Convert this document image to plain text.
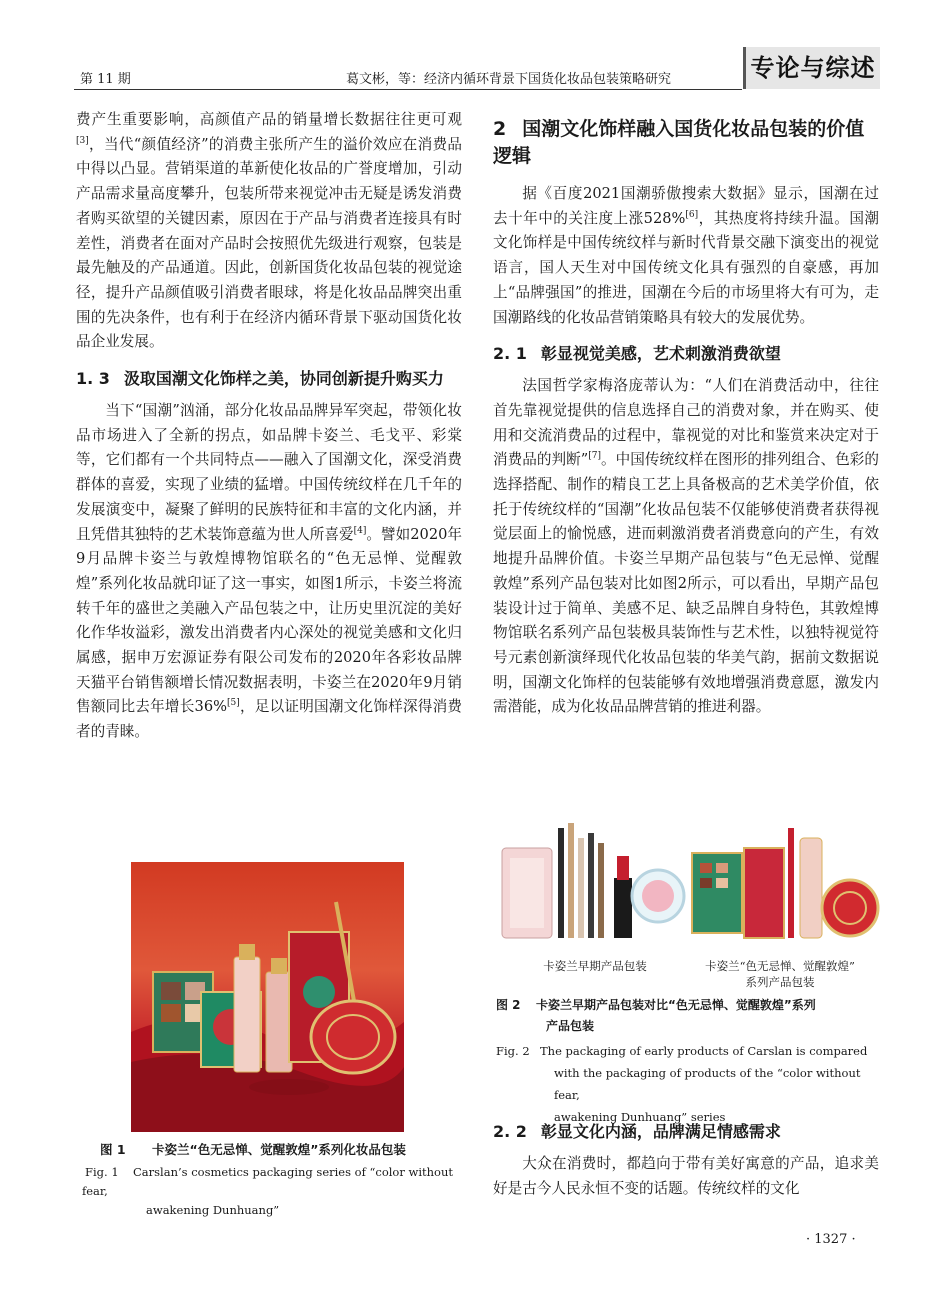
第 11 期	葛文彬，等：经济内循环背景下国货化妆品包装策略研究	专论与综述

费产生重要影响，高颜值产品的销量增长数据往往更可观[3]，当代“颜值经济”的消费主张所产生的溢价效应在消费品中得以凸显。营销渠道的革新使化妆品的广誉度增加，引动产品需求量高度攀升，包装所带来视觉冲击无疑是诱发消费者购买欲望的关键因素，原因在于产品与消费者连接具有时差性，消费者在面对产品时会按照优先级进行观察，包装是最先触及的产品通道。因此，创新国货化妆品包装的视觉途径，提升产品颜值吸引消费者眼球，将是化妆品品牌突出重围的先决条件，也有利于在经济内循环背景下驱动国货化妆品企业发展。

1. 3 汲取国潮文化饰样之美，协同创新提升购买力

当下“国潮”汹涌，部分化妆品品牌异军突起，带领化妆品市场进入了全新的拐点，如品牌卡姿兰、毛戈平、彩棠等，它们都有一个共同特点——融入了国潮文化，深受消费群体的喜爱，实现了业绩的猛增。中国传统纹样在几千年的发展演变中，凝聚了鲜明的民族特征和丰富的文化内涵，并且凭借其独特的艺术装饰意蕴为世人所喜爱[4]。譬如2020年9月品牌卡姿兰与敦煌博物馆联名的“色无忌惮、觉醒敦煌”系列化妆品就印证了这一事实，如图1所示，卡姿兰将流转千年的盛世之美融入产品包装之中，让历史里沉淀的美好化作华妆溢彩，激发出消费者内心深处的视觉美感和文化归属感，据申万宏源证券有限公司发布的2020年各彩妆品牌天猫平台销售额增长情况数据表明，卡姿兰在2020年9月销售额同比去年增长36%[5]，足以证明国潮文化饰样深得消费者的青睐。

图 1 卡姿兰“色无忌惮、觉醒敦煌”系列化妆品包装
Fig. 1 Carslan’s cosmetics packaging series of “color without fear,
awakening Dunhuang”
2 国潮文化饰样融入国货化妆品包装的价值逻辑

据《百度2021国潮骄傲搜索大数据》显示，国潮在过去十年中的关注度上涨528%[6]，其热度将持续升温。国潮文化饰样是中国传统纹样与新时代背景交融下演变出的视觉语言，国人天生对中国传统文化具有强烈的自豪感，再加上“品牌强国”的推进，国潮在今后的市场里将大有可为，走国潮路线的化妆品营销策略具有较大的发展优势。

2. 1 彰显视觉美感，艺术刺激消费欲望

法国哲学家梅洛庞蒂认为：“人们在消费活动中，往往首先靠视觉提供的信息选择自己的消费对象，并在购买、使用和交流消费品的过程中，靠视觉的对比和鉴赏来决定对于消费品的判断”[7]。中国传统纹样在图形的排列组合、色彩的选择搭配、制作的精良工艺上具备极高的艺术美学价值，依托于传统纹样的“国潮”化妆品包装不仅能够使消费者获得视觉层面上的愉悦感，进而刺激消费者消费意向的产生，有效地提升品牌价值。卡姿兰早期产品包装与“色无忌惮、觉醒敦煌”系列产品包装对比如图2所示，可以看出，早期产品包装设计过于简单、美感不足、缺乏品牌自身特色，其敦煌博物馆联名系列产品包装极具装饰性与艺术性，以独特视觉符号元素创新演绎现代化妆品包装的华美气韵，据前文数据说明，国潮文化饰样的包装能够有效地增强消费意愿，激发内需潜能，成为化妆品品牌营销的推进利器。

卡姿兰早期产品包装	卡姿兰“色无忌惮、觉醒敦煌”
系列产品包装
图 2 卡姿兰早期产品包装对比“色无忌惮、觉醒敦煌”系列
产品包装
Fig. 2 The packaging of early products of Carslan is compared
with the packaging of products of the “color without fear,
awakening Dunhuang” series
2. 2 彰显文化内涵，品牌满足情感需求

大众在消费时，都趋向于带有美好寓意的产品，追求美好是古今人民永恒不变的话题。传统纹样的文化

· 1327 ·
